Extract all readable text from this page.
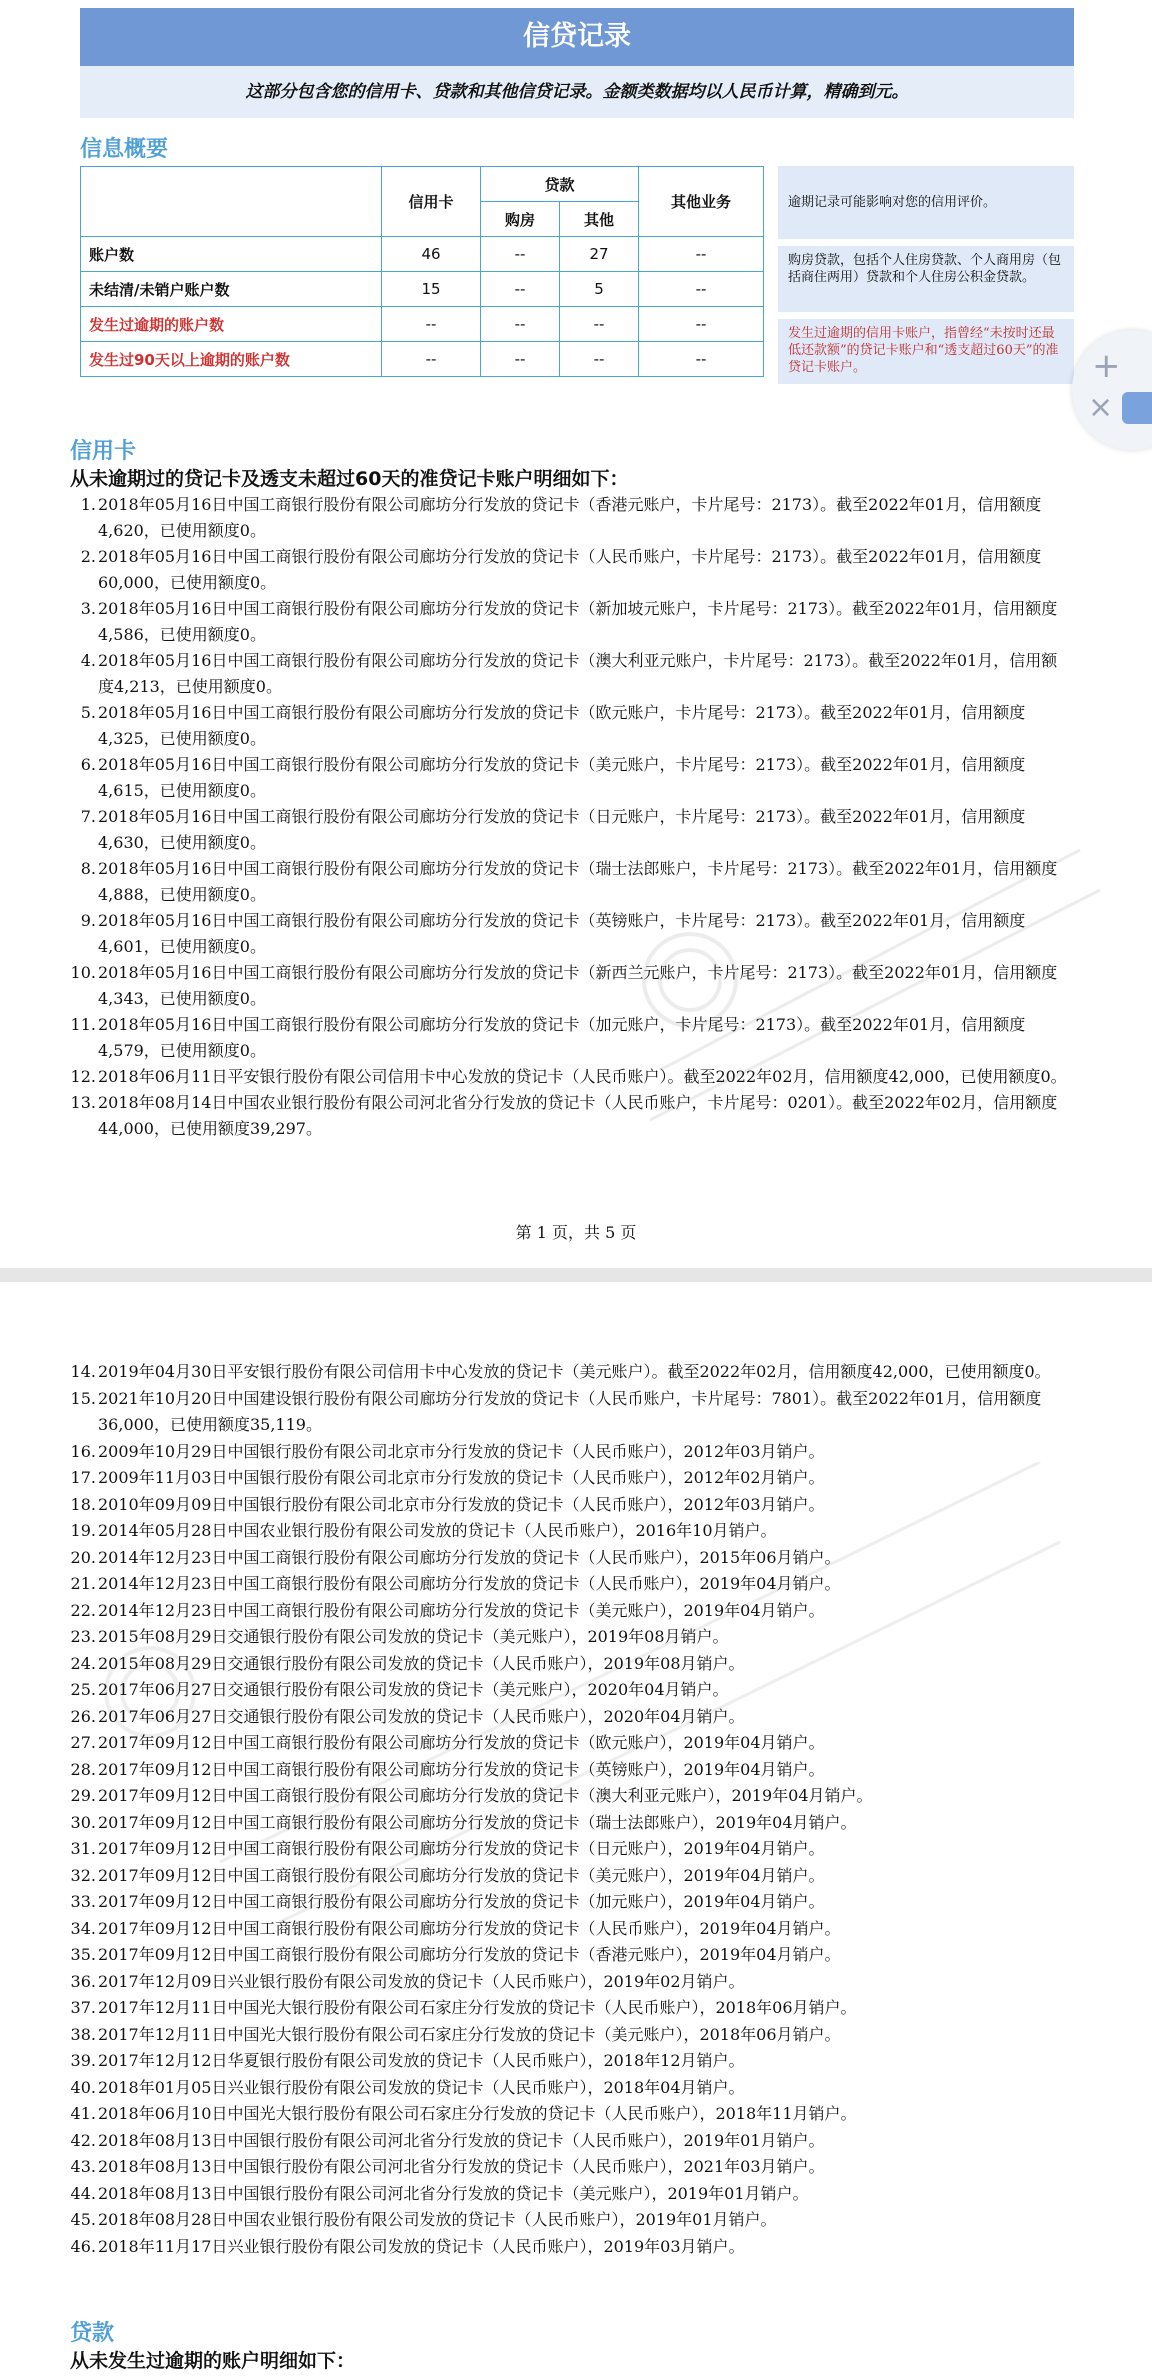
信贷记录
这部分包含您的信用卡、贷款和其他信贷记录。金额类数据均以人民币计算，精确到元。
信息概要
	信用卡	贷款		其他业务
		购房	其他	
账户数	46	--	27	--
未结清/未销户账户数	15	--	5	--
发生过逾期的账户数	--	--	--	--
发生过90天以上逾期的账户数	--	--	--	--
逾期记录可能影响对您的信用评价。
购房贷款，包括个人住房贷款、个人商用房（包括商住两用）贷款和个人住房公积金贷款。
发生过逾期的信用卡账户，指曾经“未按时还最低还款额”的贷记卡账户和“透支超过60天”的准贷记卡账户。
信用卡
从未逾期过的贷记卡及透支未超过60天的准贷记卡账户明细如下：
1. 2018年05月16日中国工商银行股份有限公司廊坊分行发放的贷记卡（香港元账户，卡片尾号：2173）。截至2022年01月，信用额度4,620，已使用额度0。
2. 2018年05月16日中国工商银行股份有限公司廊坊分行发放的贷记卡（人民币账户，卡片尾号：2173）。截至2022年01月，信用额度60,000，已使用额度0。
3. 2018年05月16日中国工商银行股份有限公司廊坊分行发放的贷记卡（新加坡元账户，卡片尾号：2173）。截至2022年01月，信用额度4,586，已使用额度0。
4. 2018年05月16日中国工商银行股份有限公司廊坊分行发放的贷记卡（澳大利亚元账户，卡片尾号：2173）。截至2022年01月，信用额度4,213，已使用额度0。
5. 2018年05月16日中国工商银行股份有限公司廊坊分行发放的贷记卡（欧元账户，卡片尾号：2173）。截至2022年01月，信用额度4,325，已使用额度0。
6. 2018年05月16日中国工商银行股份有限公司廊坊分行发放的贷记卡（美元账户，卡片尾号：2173）。截至2022年01月，信用额度4,615，已使用额度0。
7. 2018年05月16日中国工商银行股份有限公司廊坊分行发放的贷记卡（日元账户，卡片尾号：2173）。截至2022年01月，信用额度4,630，已使用额度0。
8. 2018年05月16日中国工商银行股份有限公司廊坊分行发放的贷记卡（瑞士法郎账户，卡片尾号：2173）。截至2022年01月，信用额度4,888，已使用额度0。
9. 2018年05月16日中国工商银行股份有限公司廊坊分行发放的贷记卡（英镑账户，卡片尾号：2173）。截至2022年01月，信用额度4,601，已使用额度0。
10. 2018年05月16日中国工商银行股份有限公司廊坊分行发放的贷记卡（新西兰元账户，卡片尾号：2173）。截至2022年01月，信用额度4,343，已使用额度0。
11. 2018年05月16日中国工商银行股份有限公司廊坊分行发放的贷记卡（加元账户，卡片尾号：2173）。截至2022年01月，信用额度4,579，已使用额度0。
12. 2018年06月11日平安银行股份有限公司信用卡中心发放的贷记卡（人民币账户）。截至2022年02月，信用额度42,000，已使用额度0。
13. 2018年08月14日中国农业银行股份有限公司河北省分行发放的贷记卡（人民币账户，卡片尾号：0201）。截至2022年02月，信用额度44,000，已使用额度39,297。
第 1 页，共 5 页
14. 2019年04月30日平安银行股份有限公司信用卡中心发放的贷记卡（美元账户）。截至2022年02月，信用额度42,000，已使用额度0。
15. 2021年10月20日中国建设银行股份有限公司廊坊分行发放的贷记卡（人民币账户，卡片尾号：7801）。截至2022年01月，信用额度36,000，已使用额度35,119。
16. 2009年10月29日中国银行股份有限公司北京市分行发放的贷记卡（人民币账户），2012年03月销户。
17. 2009年11月03日中国银行股份有限公司北京市分行发放的贷记卡（人民币账户），2012年02月销户。
18. 2010年09月09日中国银行股份有限公司北京市分行发放的贷记卡（人民币账户），2012年03月销户。
19. 2014年05月28日中国农业银行股份有限公司发放的贷记卡（人民币账户），2016年10月销户。
20. 2014年12月23日中国工商银行股份有限公司廊坊分行发放的贷记卡（人民币账户），2015年06月销户。
21. 2014年12月23日中国工商银行股份有限公司廊坊分行发放的贷记卡（人民币账户），2019年04月销户。
22. 2014年12月23日中国工商银行股份有限公司廊坊分行发放的贷记卡（美元账户），2019年04月销户。
23. 2015年08月29日交通银行股份有限公司发放的贷记卡（美元账户），2019年08月销户。
24. 2015年08月29日交通银行股份有限公司发放的贷记卡（人民币账户），2019年08月销户。
25. 2017年06月27日交通银行股份有限公司发放的贷记卡（美元账户），2020年04月销户。
26. 2017年06月27日交通银行股份有限公司发放的贷记卡（人民币账户），2020年04月销户。
27. 2017年09月12日中国工商银行股份有限公司廊坊分行发放的贷记卡（欧元账户），2019年04月销户。
28. 2017年09月12日中国工商银行股份有限公司廊坊分行发放的贷记卡（英镑账户），2019年04月销户。
29. 2017年09月12日中国工商银行股份有限公司廊坊分行发放的贷记卡（澳大利亚元账户），2019年04月销户。
30. 2017年09月12日中国工商银行股份有限公司廊坊分行发放的贷记卡（瑞士法郎账户），2019年04月销户。
31. 2017年09月12日中国工商银行股份有限公司廊坊分行发放的贷记卡（日元账户），2019年04月销户。
32. 2017年09月12日中国工商银行股份有限公司廊坊分行发放的贷记卡（美元账户），2019年04月销户。
33. 2017年09月12日中国工商银行股份有限公司廊坊分行发放的贷记卡（加元账户），2019年04月销户。
34. 2017年09月12日中国工商银行股份有限公司廊坊分行发放的贷记卡（人民币账户），2019年04月销户。
35. 2017年09月12日中国工商银行股份有限公司廊坊分行发放的贷记卡（香港元账户），2019年04月销户。
36. 2017年12月09日兴业银行股份有限公司发放的贷记卡（人民币账户），2019年02月销户。
37. 2017年12月11日中国光大银行股份有限公司石家庄分行发放的贷记卡（人民币账户），2018年06月销户。
38. 2017年12月11日中国光大银行股份有限公司石家庄分行发放的贷记卡（美元账户），2018年06月销户。
39. 2017年12月12日华夏银行股份有限公司发放的贷记卡（人民币账户），2018年12月销户。
40. 2018年01月05日兴业银行股份有限公司发放的贷记卡（人民币账户），2018年04月销户。
41. 2018年06月10日中国光大银行股份有限公司石家庄分行发放的贷记卡（人民币账户），2018年11月销户。
42. 2018年08月13日中国银行股份有限公司河北省分行发放的贷记卡（人民币账户），2019年01月销户。
43. 2018年08月13日中国银行股份有限公司河北省分行发放的贷记卡（人民币账户），2021年03月销户。
44. 2018年08月13日中国银行股份有限公司河北省分行发放的贷记卡（美元账户），2019年01月销户。
45. 2018年08月28日中国农业银行股份有限公司发放的贷记卡（人民币账户），2019年01月销户。
46. 2018年11月17日兴业银行股份有限公司发放的贷记卡（人民币账户），2019年03月销户。
贷款
从未发生过逾期的账户明细如下：
+
×
